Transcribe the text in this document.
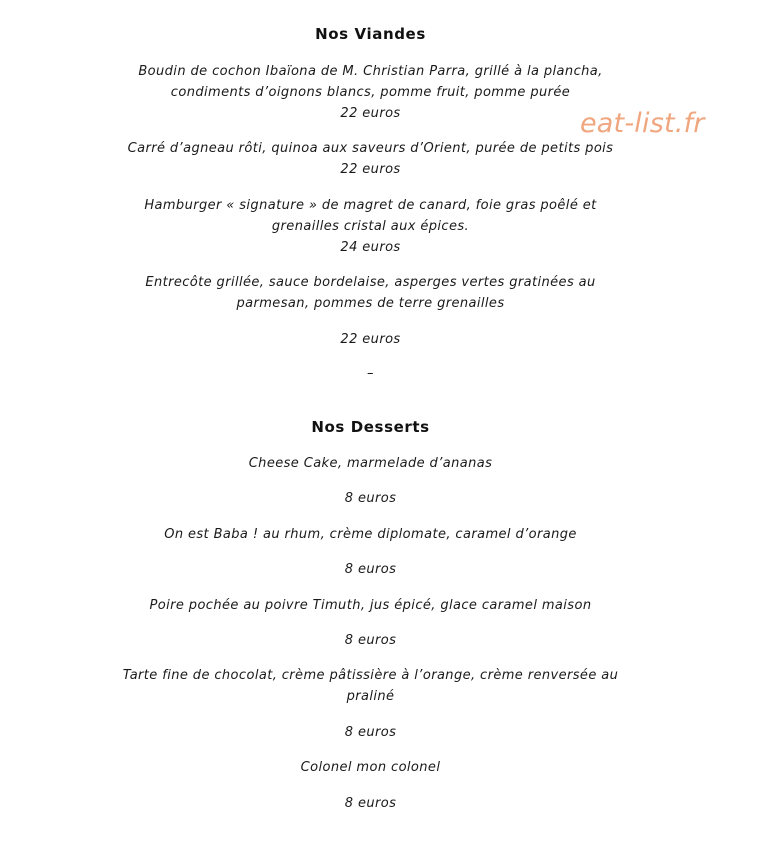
Nos Viandes
Boudin de cochon Ibaïona de M. Christian Parra, grillé à la plancha,
condiments d’oignons blancs, pomme fruit, pomme purée
22 euros
Carré d’agneau rôti, quinoa aux saveurs d’Orient, purée de petits pois
22 euros
Hamburger « signature » de magret de canard, foie gras poêlé et
grenailles cristal aux épices.
24 euros
Entrecôte grillée, sauce bordelaise, asperges vertes gratinées au
parmesan, pommes de terre grenailles
22 euros
–
Nos Desserts
Cheese Cake, marmelade d’ananas
8 euros
On est Baba ! au rhum, crème diplomate, caramel d’orange
8 euros
Poire pochée au poivre Timuth, jus épicé, glace caramel maison
8 euros
Tarte fine de chocolat, crème pâtissière à l’orange, crème renversée au
praliné
8 euros
Colonel mon colonel
8 euros
eat-list.fr
